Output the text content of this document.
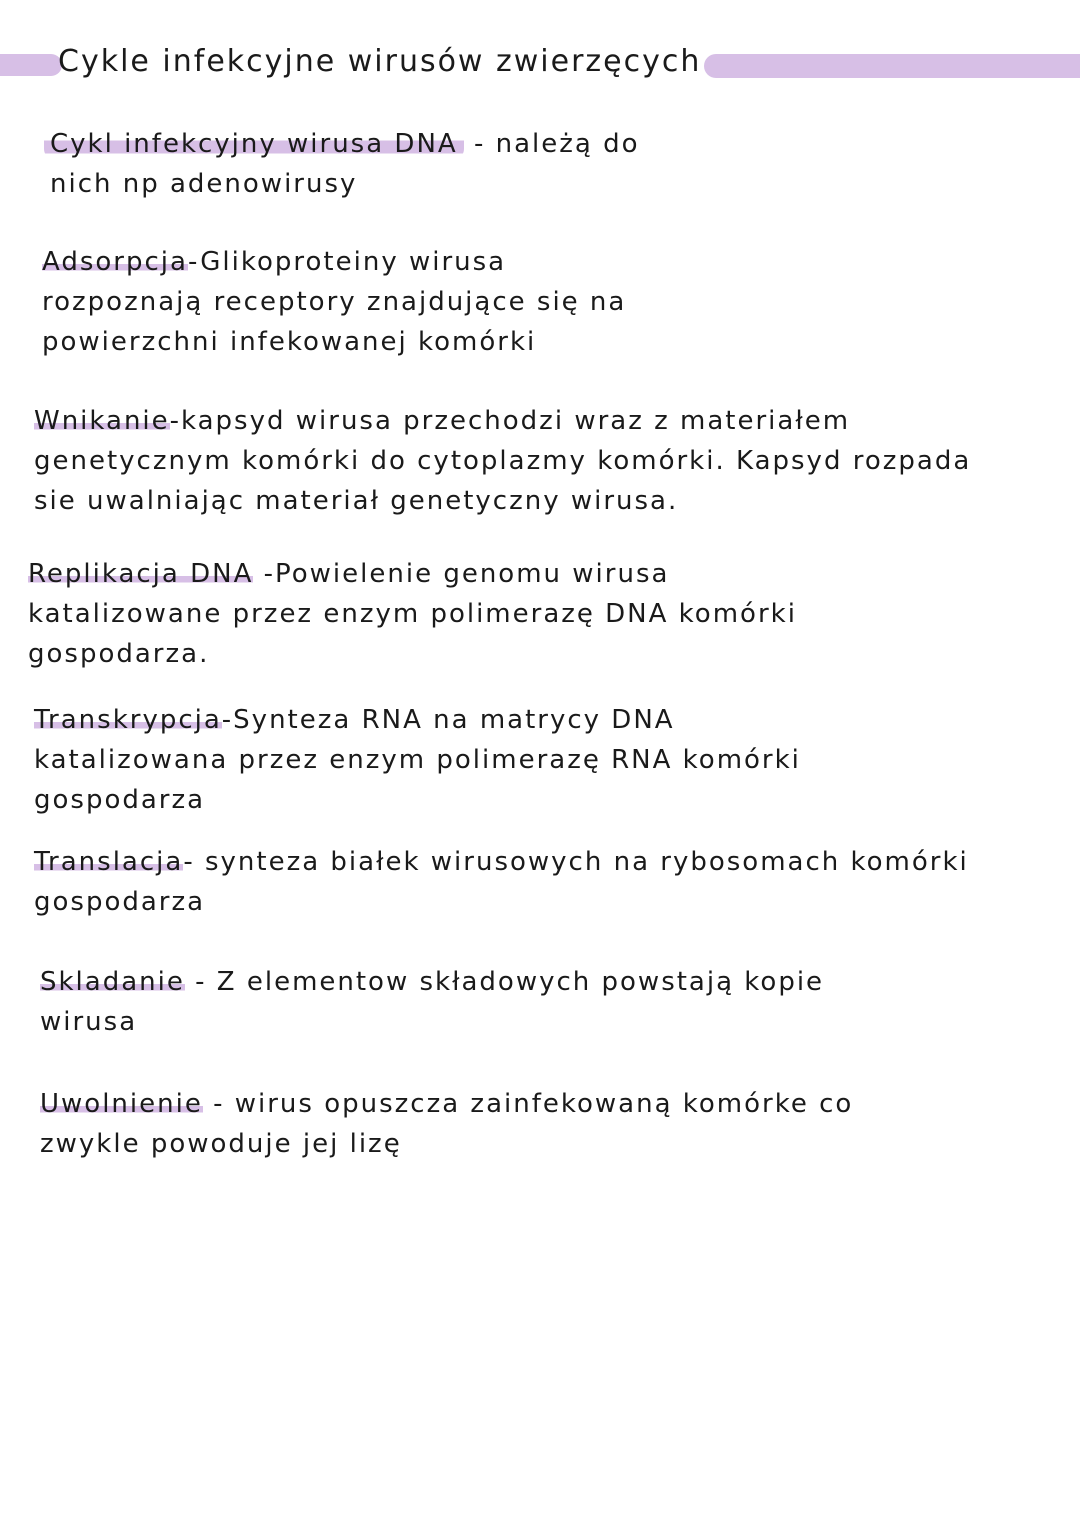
Cykle infekcyjne wirusów zwierzęcych
Cykl infekcyjny wirusa DNA - należą do
nich np adenowirusy
Adsorpcja-Glikoproteiny wirusa
rozpoznają receptory znajdujące się na
powierzchni infekowanej komórki
Wnikanie-kapsyd wirusa przechodzi wraz z materiałem
genetycznym komórki do cytoplazmy komórki. Kapsyd rozpada
sie uwalniając materiał genetyczny wirusa.
Replikacja DNA -Powielenie genomu wirusa
katalizowane przez enzym polimerazę DNA komórki
gospodarza.
Transkrypcja-Synteza RNA na matrycy DNA
katalizowana przez enzym polimerazę RNA komórki
gospodarza
Translacja- synteza białek wirusowych na rybosomach komórki
gospodarza
Skladanie - Z elementow składowych powstają kopie
wirusa
Uwolnienie - wirus opuszcza zainfekowaną komórke co
zwykle powoduje jej lizę
